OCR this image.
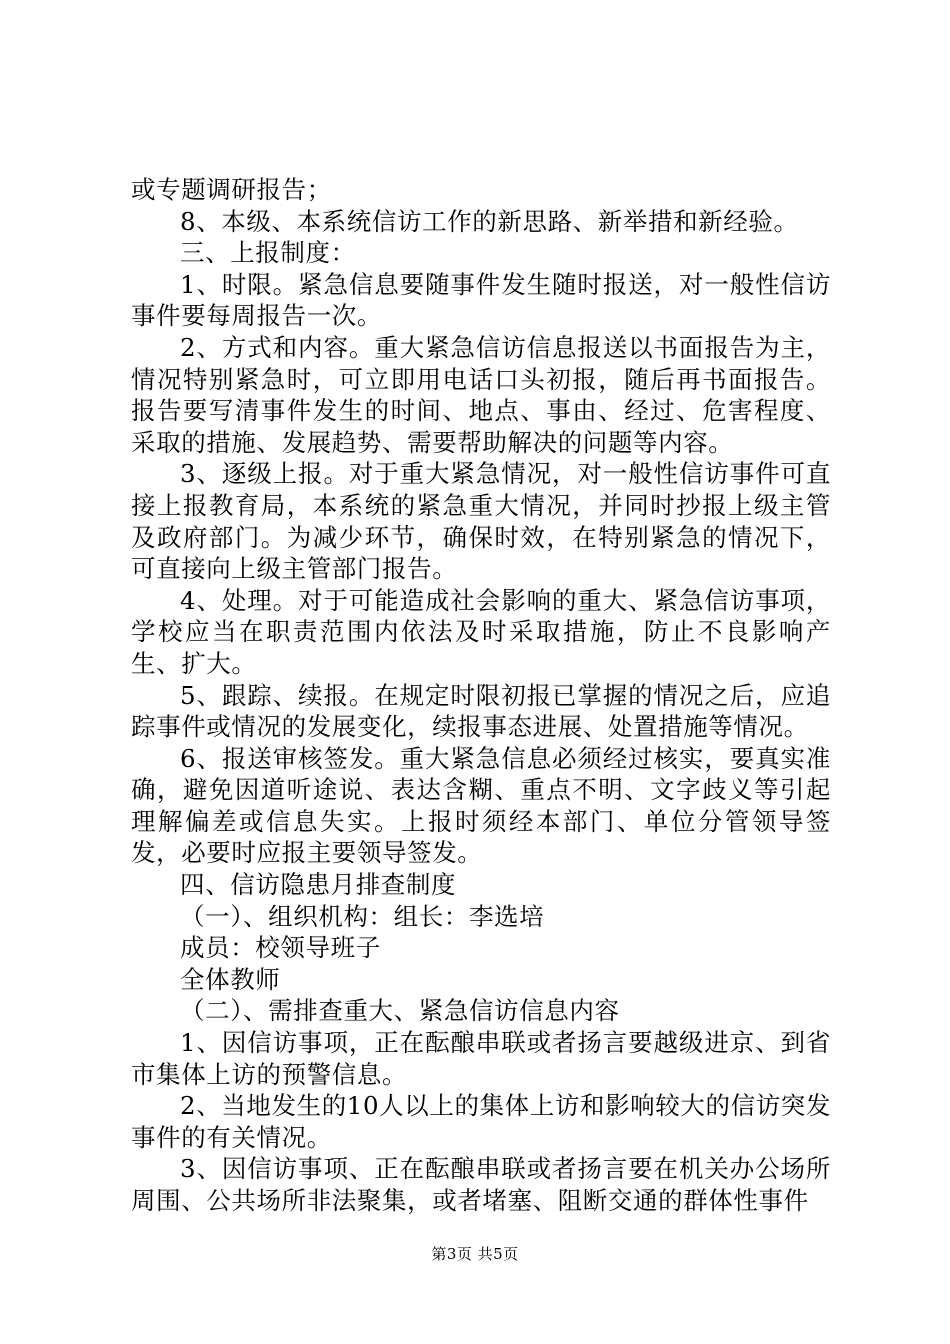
或专题调研报告；

8、本级、本系统信访工作的新思路、新举措和新经验。

三、上报制度：

1、时限。紧急信息要随事件发生随时报送，对一般性信访事件要每周报告一次。

2、方式和内容。重大紧急信访信息报送以书面报告为主，情况特别紧急时，可立即用电话口头初报，随后再书面报告。报告要写清事件发生的时间、地点、事由、经过、危害程度、采取的措施、发展趋势、需要帮助解决的问题等内容。

3、逐级上报。对于重大紧急情况，对一般性信访事件可直接上报教育局，本系统的紧急重大情况，并同时抄报上级主管及政府部门。为减少环节，确保时效，在特别紧急的情况下，可直接向上级主管部门报告。

4、处理。对于可能造成社会影响的重大、紧急信访事项，学校应当在职责范围内依法及时采取措施，防止不良影响产生、扩大。

5、跟踪、续报。在规定时限初报已掌握的情况之后，应追踪事件或情况的发展变化，续报事态进展、处置措施等情况。

6、报送审核签发。重大紧急信息必须经过核实，要真实准确，避免因道听途说、表达含糊、重点不明、文字歧义等引起理解偏差或信息失实。上报时须经本部门、单位分管领导签发，必要时应报主要领导签发。

四、信访隐患月排查制度

（一）、组织机构：组长：李选培

成员：校领导班子

全体教师

（二）、需排查重大、紧急信访信息内容

1、因信访事项，正在酝酿串联或者扬言要越级进京、到省市集体上访的预警信息。

2、当地发生的10人以上的集体上访和影响较大的信访突发事件的有关情况。

3、因信访事项、正在酝酿串联或者扬言要在机关办公场所周围、公共场所非法聚集，或者堵塞、阻断交通的群体性事件

第3页 共5页
